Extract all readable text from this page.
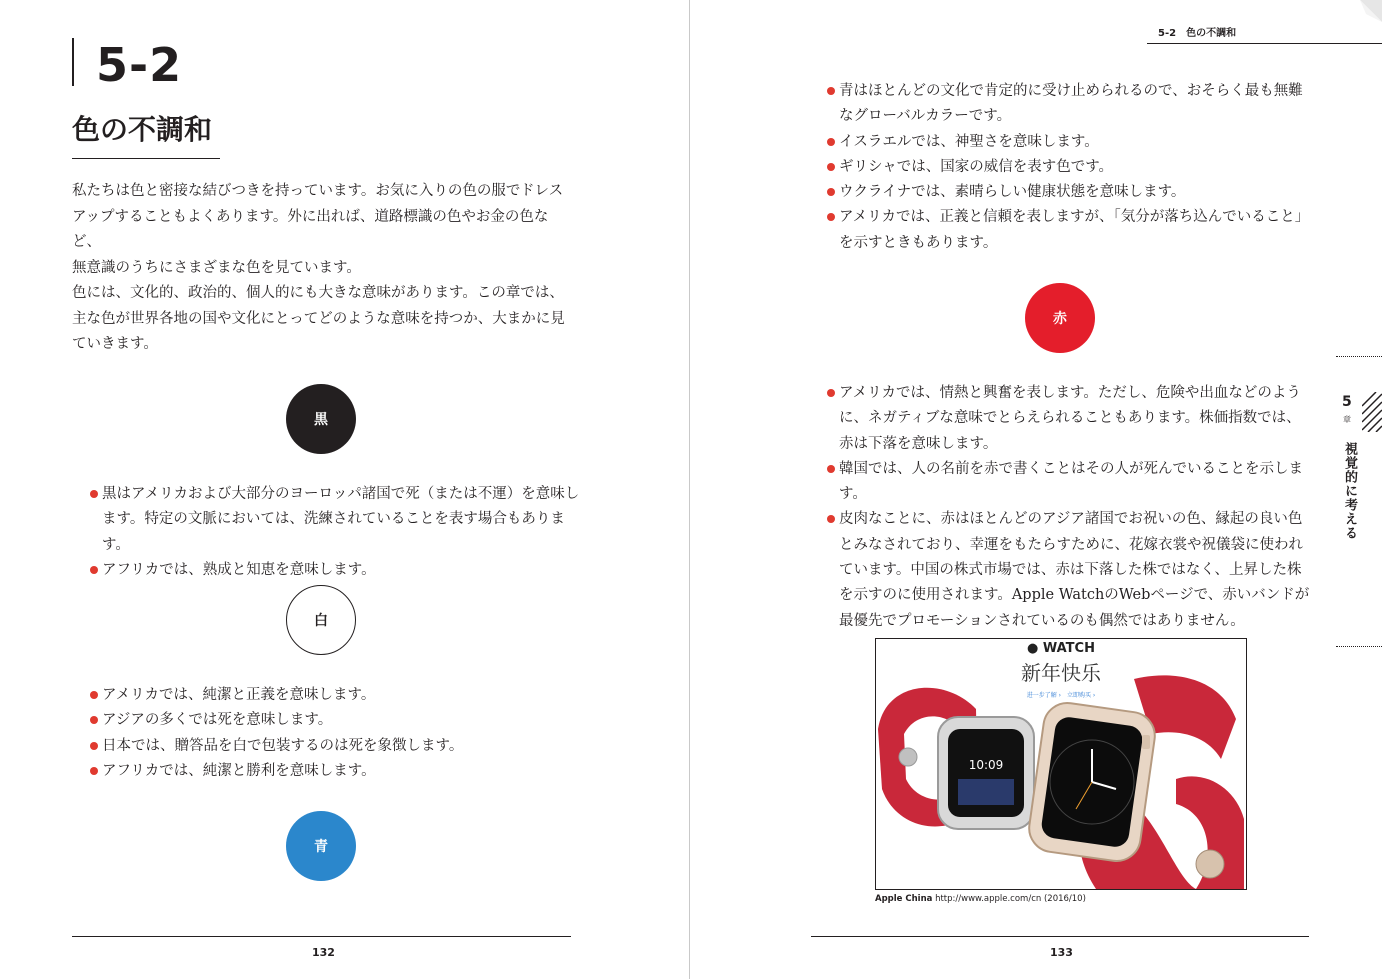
5-2
色の不調和
私たちは色と密接な結びつきを持っています。お気に入りの色の服でドレス
アップすることもよくあります。外に出れば、道路標識の色やお金の色など、
無意識のうちにさまざまな色を見ています。
色には、文化的、政治的、個人的にも大きな意味があります。この章では、
主な色が世界各地の国や文化にとってどのような意味を持つか、大まかに見
ていきます。
黒
黒はアメリカおよび大部分のヨーロッパ諸国で死（または不運）を意味し
ます。特定の文脈においては、洗練されていることを表す場合もあります。
アフリカでは、熟成と知恵を意味します。
白
アメリカでは、純潔と正義を意味します。
アジアの多くでは死を意味します。
日本では、贈答品を白で包装するのは死を象徴します。
アフリカでは、純潔と勝利を意味します。
青
132
5-2　色の不調和
青はほとんどの文化で肯定的に受け止められるので、おそらく最も無難
なグローバルカラーです。
イスラエルでは、神聖さを意味します。
ギリシャでは、国家の威信を表す色です。
ウクライナでは、素晴らしい健康状態を意味します。
アメリカでは、正義と信頼を表しますが、「気分が落ち込んでいること」
を示すときもあります。
赤
アメリカでは、情熱と興奮を表します。ただし、危険や出血などのよう
に、ネガティブな意味でとらえられることもあります。株価指数では、
赤は下落を意味します。
韓国では、人の名前を赤で書くことはその人が死んでいることを示します。
皮肉なことに、赤はほとんどのアジア諸国でお祝いの色、縁起の良い色
とみなされており、幸運をもたらすために、花嫁衣裳や祝儀袋に使われ
ています。中国の株式市場では、赤は下落した株ではなく、上昇した株
を示すのに使用されます。Apple WatchのWebページで、赤いバンドが
最優先でプロモーションされているのも偶然ではありません。
● WATCH
新年快乐
进一步了解 ›　立即购买 ›
10:09
Apple China http://www.apple.com/cn (2016/10)
5
章
視覚的に考える
133
